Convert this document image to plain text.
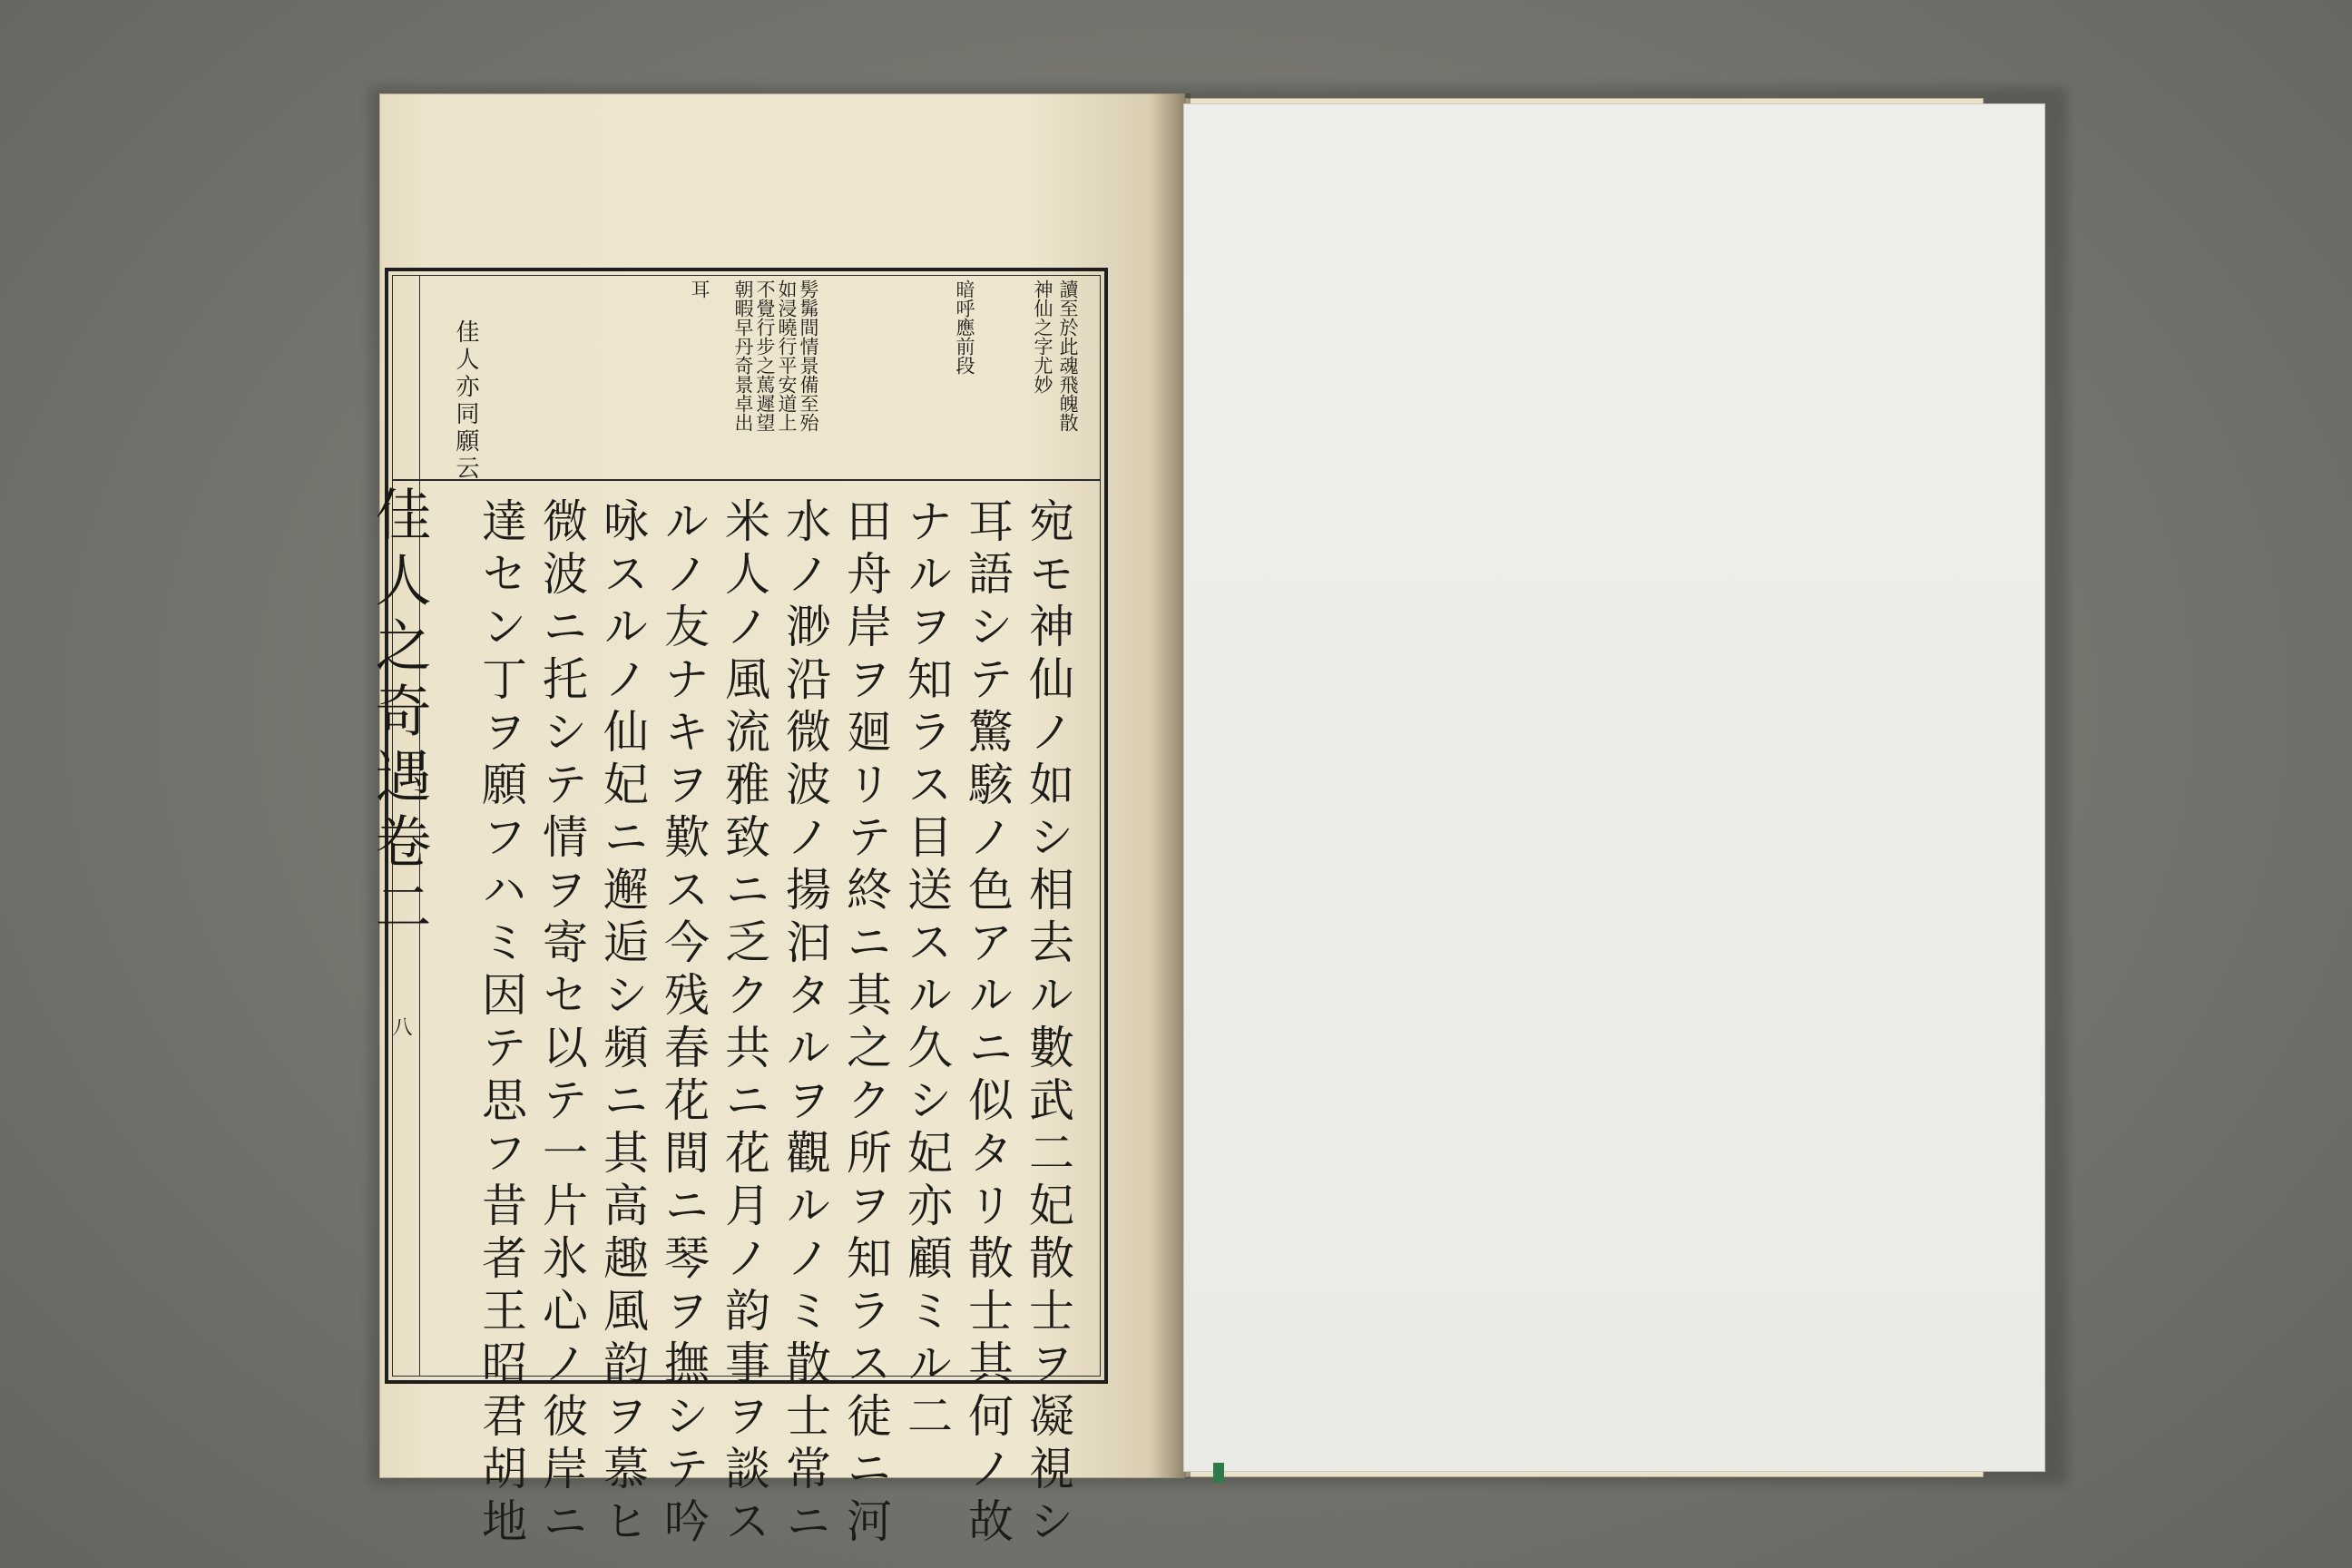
佳人之奇遇卷二
八
讀至於此魂飛魄散
神仙之字尤妙
暗呼應前段
髣髴間情景備至殆
如浸曉行平安道上
不覺行步之䔍遲望
朝暇早丹奇景卓出
耳
佳人亦同願云
宛モ神仙ノ如シ相去ル數武二妃散士ヲ凝視シ
耳語シテ驚駭ノ色アルニ似タリ散士其何ノ故
ナルヲ知ラス目送スル久シ妃亦顧ミル二
田舟岸ヲ廻リテ終ニ其之ク所ヲ知ラス徒ニ河
水ノ渺沿微波ノ揚汩タルヲ觀ルノミ散士常ニ
米人ノ風流雅致ニ乏ク共ニ花月ノ韵事ヲ談ス
ルノ友ナキヲ歎ス今残春花間ニ琴ヲ撫シテ吟
咏スルノ仙妃ニ邂逅シ頻ニ其高趣風韵ヲ慕ヒ
微波ニ托シテ情ヲ寄セ以テ一片氷心ノ彼岸ニ
達セン丁ヲ願フハミ因テ思フ昔者王昭君胡地
